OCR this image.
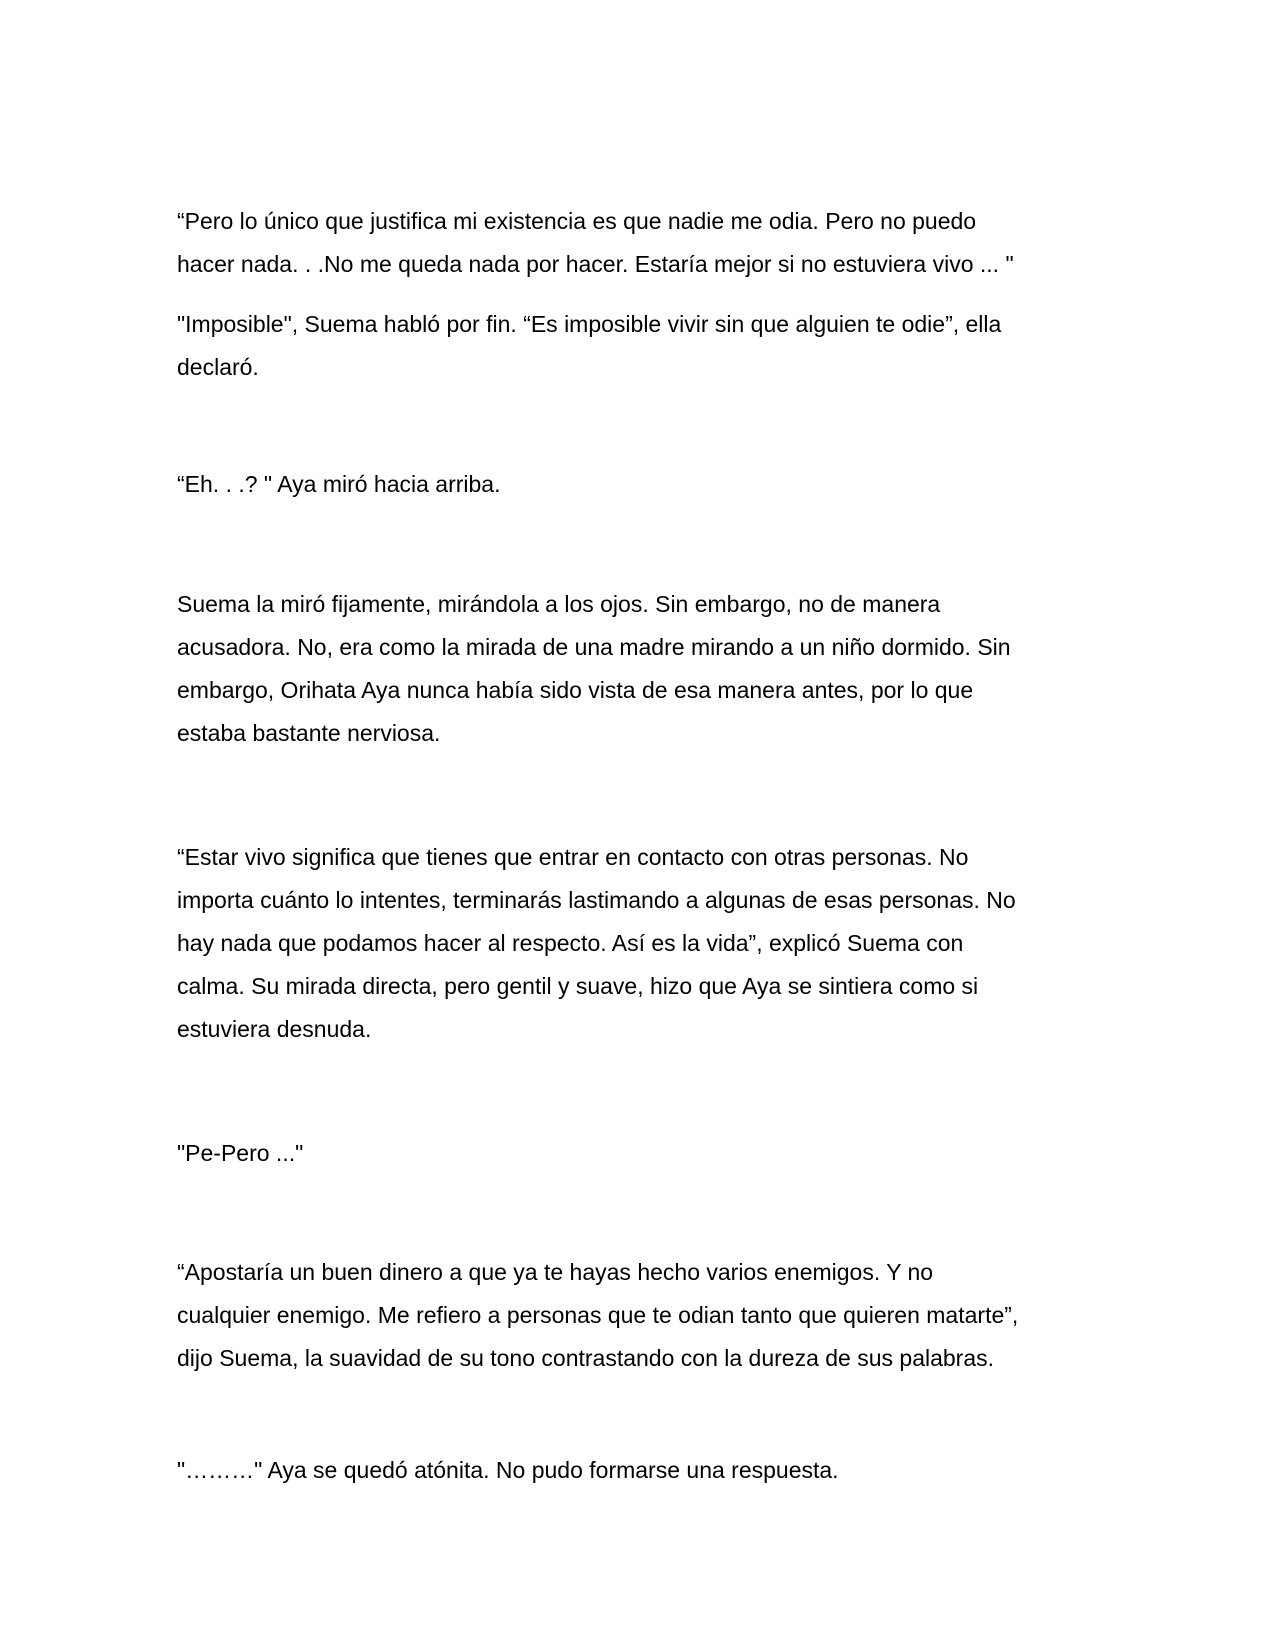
“Pero lo único que justifica mi existencia es que nadie me odia. Pero no puedo
hacer nada. . .No me queda nada por hacer. Estaría mejor si no estuviera vivo ... "

"Imposible", Suema habló por fin. “Es imposible vivir sin que alguien te odie”, ella
declaró.

“Eh. . .? " Aya miró hacia arriba.

Suema la miró fijamente, mirándola a los ojos. Sin embargo, no de manera
acusadora. No, era como la mirada de una madre mirando a un niño dormido. Sin
embargo, Orihata Aya nunca había sido vista de esa manera antes, por lo que
estaba bastante nerviosa.

“Estar vivo significa que tienes que entrar en contacto con otras personas. No
importa cuánto lo intentes, terminarás lastimando a algunas de esas personas. No
hay nada que podamos hacer al respecto. Así es la vida”, explicó Suema con
calma. Su mirada directa, pero gentil y suave, hizo que Aya se sintiera como si
estuviera desnuda.

"Pe-Pero ..."

“Apostaría un buen dinero a que ya te hayas hecho varios enemigos. Y no
cualquier enemigo. Me refiero a personas que te odian tanto que quieren matarte”,
dijo Suema, la suavidad de su tono contrastando con la dureza de sus palabras.

"………" Aya se quedó atónita. No pudo formarse una respuesta.
